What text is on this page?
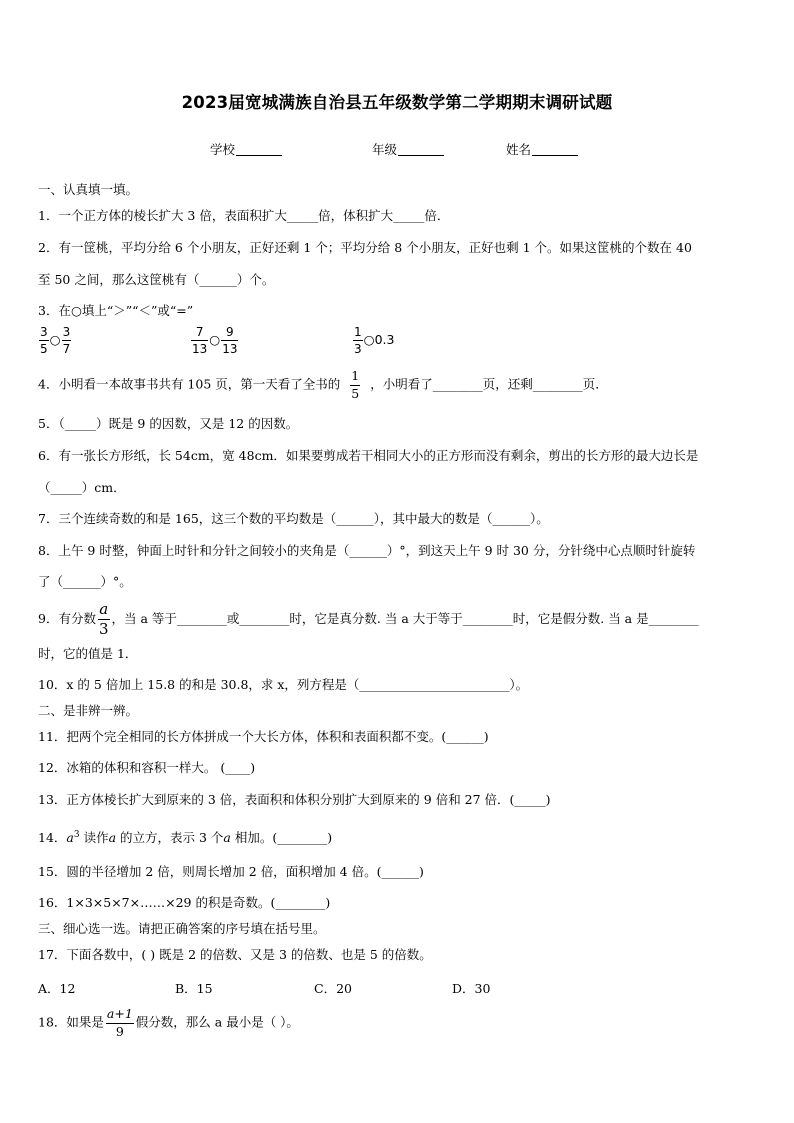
2023届宽城满族自治县五年级数学第二学期期末调研试题
学校	年级	姓名
一、认真填一填。
1．一个正方体的棱长扩大 3 倍，表面积扩大_____倍，体积扩大_____倍．
2．有一筐桃，平均分给 6 个小朋友，正好还剩 1 个；平均分给 8 个小朋友，正好也剩 1 个。如果这筐桃的个数在 40
至 50 之间，那么这筐桃有（______）个。
3．在○填上“＞”“＜”或“=”
$\frac{3}{5}$ ○ $\frac{3}{7}$	$\frac{7}{13}$ ○ $\frac{9}{13}$	$\frac{1}{3}$ ○0.3
4．小明看一本故事书共有 105 页，第一天看了全书的 $\frac{1}{5}$ ，小明看了________页，还剩________页．
5．（_____）既是 9 的因数，又是 12 的因数。
6．有一张长方形纸，长 54cm，宽 48cm．如果要剪成若干相同大小的正方形而没有剩余，剪出的长方形的最大边长是
（_____）cm．
7．三个连续奇数的和是 165，这三个数的平均数是（______），其中最大的数是（______）。
8．上午 9 时整，钟面上时针和分针之间较小的夹角是（______）°，到这天上午 9 时 30 分，分针绕中心点顺时针旋转
了（______）°。
9．有分数 $\frac{a}{3}$ ，当 a 等于________或________时，它是真分数. 当 a 大于等于________时，它是假分数. 当 a 是________
时，它的值是 1．
10．x 的 5 倍加上 15.8 的和是 30.8，求 x，列方程是（________________________）。
二、是非辨一辨。
11．把两个完全相同的长方体拼成一个大长方体，体积和表面积都不变。(______)
12．冰箱的体积和容积一样大。 (____)
13．正方体棱长扩大到原来的 3 倍，表面积和体积分别扩大到原来的 9 倍和 27 倍．(_____)
14．$a^3$ 读作a 的立方，表示 3 个a 相加。(________)
15．圆的半径增加 2 倍，则周长增加 2 倍，面积增加 4 倍。(______)
16．1×3×5×7×……×29 的积是奇数。(________)
三、细心选一选。请把正确答案的序号填在括号里。
17．下面各数中，( ) 既是 2 的倍数、又是 3 的倍数、也是 5 的倍数。
A．12	B．15	C．20	D．30
18．如果是 $\frac{a+1}{9}$ 假分数，那么 a 最小是（ ）。
